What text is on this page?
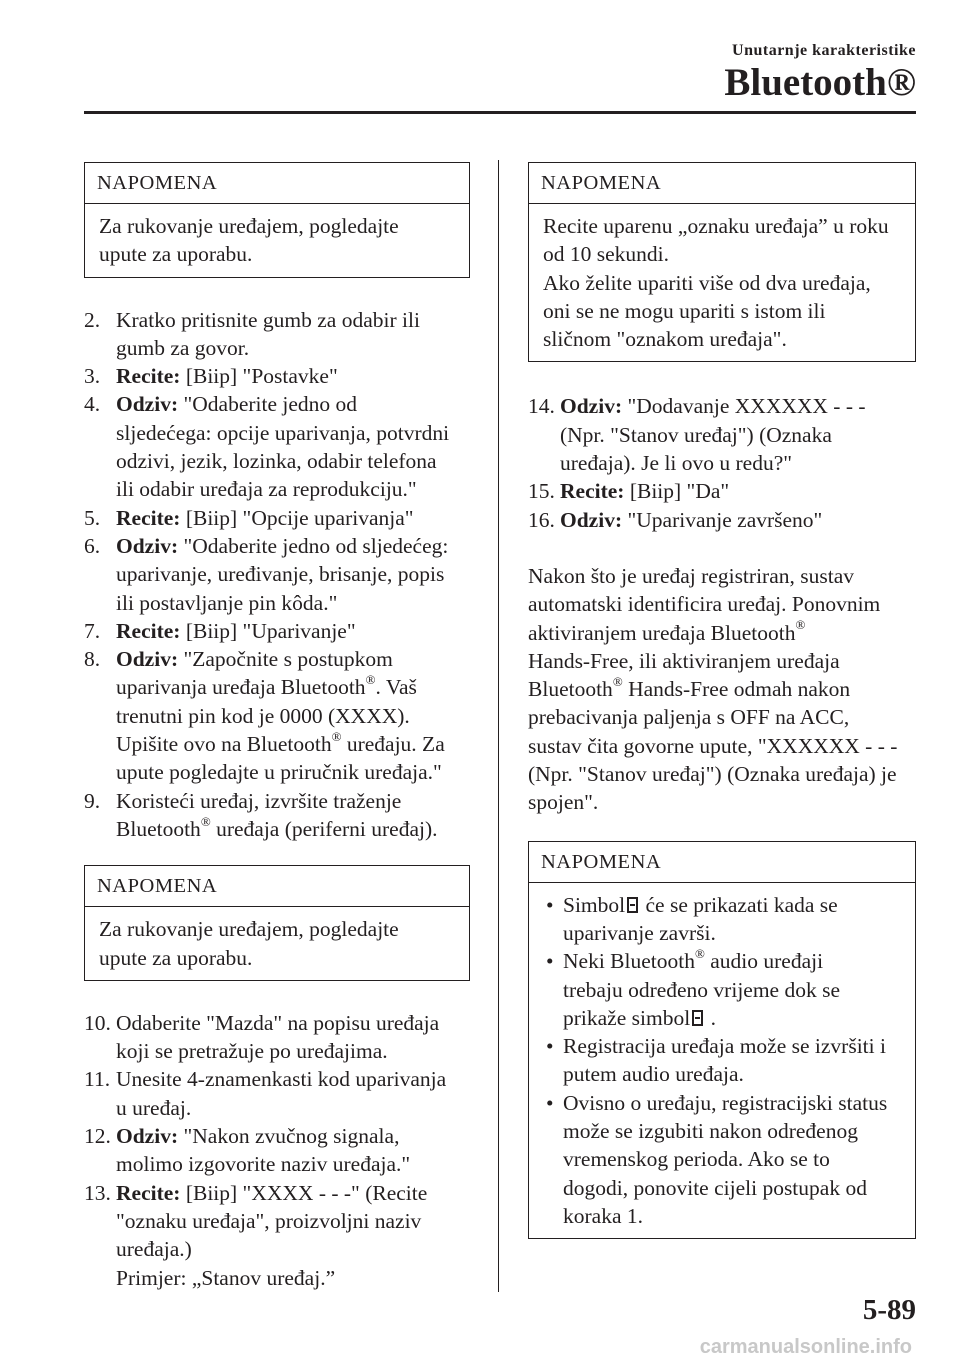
Unutarnje karakteristike
Bluetooth®
NAPOMENA
Za rukovanje uređajem, pogledajte
upute za uporabu.
2. Kratko pritisnite gumb za odabir ili
gumb za govor.
3. Recite: [Biip] "Postavke"
4. Odziv: "Odaberite jedno od
sljedećega: opcije uparivanja, potvrdni
odzivi, jezik, lozinka, odabir telefona
ili odabir uređaja za reprodukciju."
5. Recite: [Biip] "Opcije uparivanja"
6. Odziv: "Odaberite jedno od sljedećeg:
uparivanje, uređivanje, brisanje, popis
ili postavljanje pin kôda."
7. Recite: [Biip] "Uparivanje"
8. Odziv: "Započnite s postupkom
uparivanja uređaja Bluetooth®. Vaš
trenutni pin kod je 0000 (XXXX).
Upišite ovo na Bluetooth® uređaju. Za
upute pogledajte u priručnik uređaja."
9. Koristeći uređaj, izvršite traženje
Bluetooth® uređaja (periferni uređaj).
NAPOMENA
Za rukovanje uređajem, pogledajte
upute za uporabu.
10. Odaberite "Mazda" na popisu uređaja
koji se pretražuje po uređajima.
11. Unesite 4-znamenkasti kod uparivanja
u uređaj.
12. Odziv: "Nakon zvučnog signala,
molimo izgovorite naziv uređaja."
13. Recite: [Biip] "XXXX - - -" (Recite
"oznaku uređaja", proizvoljni naziv
uređaja.)
Primjer: „Stanov uređaj.”
NAPOMENA
Recite uparenu „oznaku uređaja” u roku
od 10 sekundi.
Ako želite upariti više od dva uređaja,
oni se ne mogu upariti s istom ili
sličnom "oznakom uređaja".
14. Odziv: "Dodavanje XXXXXX - - -
(Npr. "Stanov uređaj") (Oznaka
uređaja). Je li ovo u redu?"
15. Recite: [Biip] "Da"
16. Odziv: "Uparivanje završeno"
Nakon što je uređaj registriran, sustav
automatski identificira uređaj. Ponovnim
aktiviranjem uređaja Bluetooth®
Hands-Free, ili aktiviranjem uređaja
Bluetooth® Hands-Free odmah nakon
prebacivanja paljenja s OFF na ACC,
sustav čita govorne upute, "XXXXXX - - -
(Npr. "Stanov uređaj") (Oznaka uređaja) je
spojen".
NAPOMENA
• Simbol će se prikazati kada se
uparivanje završi.
• Neki Bluetooth® audio uređaji
trebaju određeno vrijeme dok se
prikaže simbol .
• Registracija uređaja može se izvršiti i
putem audio uređaja.
• Ovisno o uređaju, registracijski status
može se izgubiti nakon određenog
vremenskog perioda. Ako se to
dogodi, ponovite cijeli postupak od
koraka 1.
5-89
carmanualsonline.info
